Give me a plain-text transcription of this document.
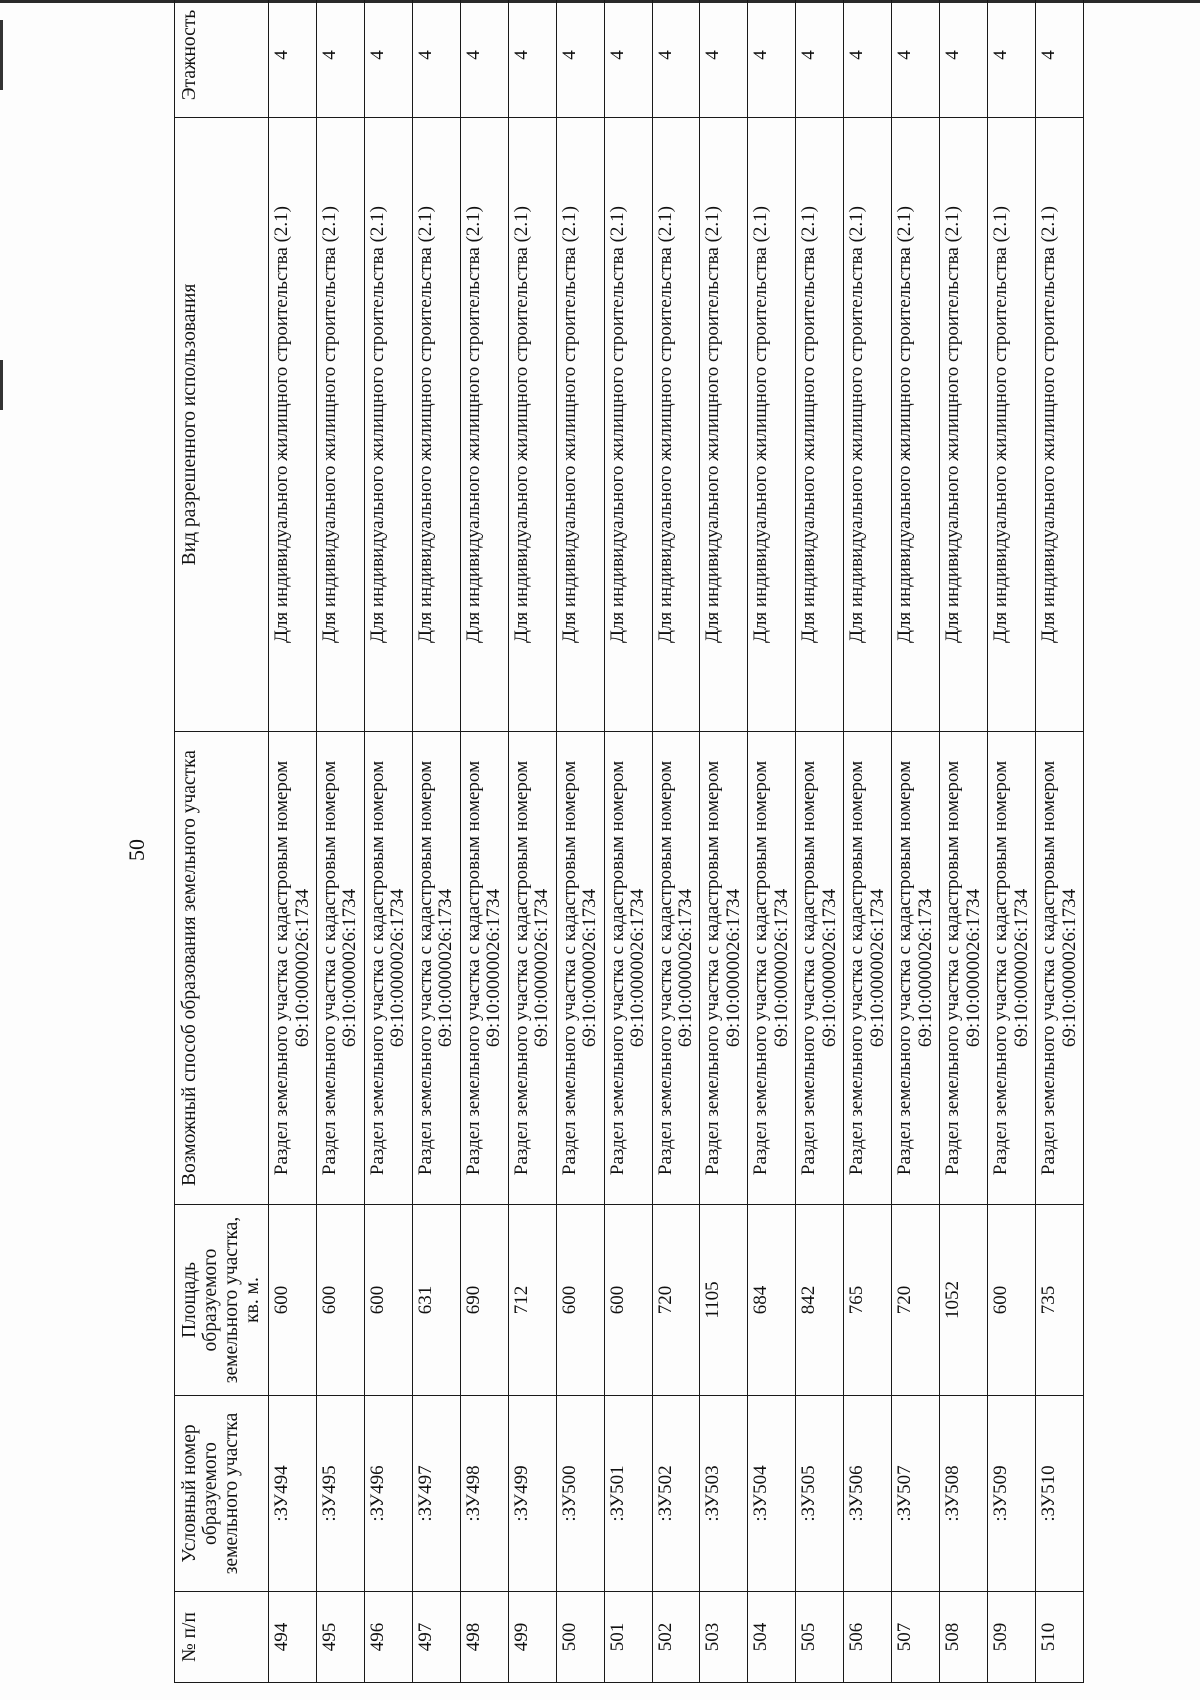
50
№ п/п	Условный номер образуемого земельного участка	Площадь образуемого земельного участка, кв. м.	Возможный способ образования земельного участка	Вид разрешенного использования	Этажность
494	:ЗУ494	600	Раздел земельного участка с кадастровым номером 69:10:0000026:1734	Для индивидуального жилищного строительства (2.1)	4
495	:ЗУ495	600	Раздел земельного участка с кадастровым номером 69:10:0000026:1734	Для индивидуального жилищного строительства (2.1)	4
496	:ЗУ496	600	Раздел земельного участка с кадастровым номером 69:10:0000026:1734	Для индивидуального жилищного строительства (2.1)	4
497	:ЗУ497	631	Раздел земельного участка с кадастровым номером 69:10:0000026:1734	Для индивидуального жилищного строительства (2.1)	4
498	:ЗУ498	690	Раздел земельного участка с кадастровым номером 69:10:0000026:1734	Для индивидуального жилищного строительства (2.1)	4
499	:ЗУ499	712	Раздел земельного участка с кадастровым номером 69:10:0000026:1734	Для индивидуального жилищного строительства (2.1)	4
500	:ЗУ500	600	Раздел земельного участка с кадастровым номером 69:10:0000026:1734	Для индивидуального жилищного строительства (2.1)	4
501	:ЗУ501	600	Раздел земельного участка с кадастровым номером 69:10:0000026:1734	Для индивидуального жилищного строительства (2.1)	4
502	:ЗУ502	720	Раздел земельного участка с кадастровым номером 69:10:0000026:1734	Для индивидуального жилищного строительства (2.1)	4
503	:ЗУ503	1105	Раздел земельного участка с кадастровым номером 69:10:0000026:1734	Для индивидуального жилищного строительства (2.1)	4
504	:ЗУ504	684	Раздел земельного участка с кадастровым номером 69:10:0000026:1734	Для индивидуального жилищного строительства (2.1)	4
505	:ЗУ505	842	Раздел земельного участка с кадастровым номером 69:10:0000026:1734	Для индивидуального жилищного строительства (2.1)	4
506	:ЗУ506	765	Раздел земельного участка с кадастровым номером 69:10:0000026:1734	Для индивидуального жилищного строительства (2.1)	4
507	:ЗУ507	720	Раздел земельного участка с кадастровым номером 69:10:0000026:1734	Для индивидуального жилищного строительства (2.1)	4
508	:ЗУ508	1052	Раздел земельного участка с кадастровым номером 69:10:0000026:1734	Для индивидуального жилищного строительства (2.1)	4
509	:ЗУ509	600	Раздел земельного участка с кадастровым номером 69:10:0000026:1734	Для индивидуального жилищного строительства (2.1)	4
510	:ЗУ510	735	Раздел земельного участка с кадастровым номером 69:10:0000026:1734	Для индивидуального жилищного строительства (2.1)	4
